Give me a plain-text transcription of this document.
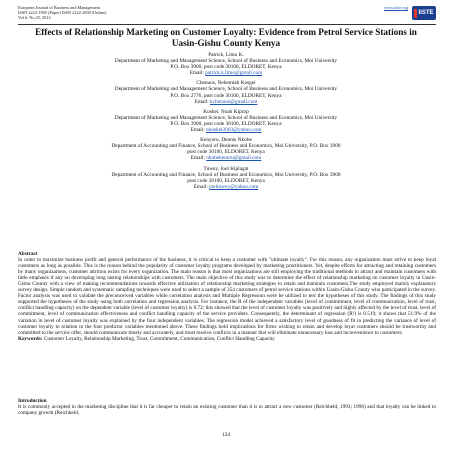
European Journal of Business and Management
ISSN 2222-1905 (Paper) ISSN 2222-2839 (Online)
Vol.6, No.25, 2014
www.iiste.org
IISTE
Effects of Relationship Marketing on Customer Loyalty: Evidence from Petrol Service Stations in Uasin-Gishu County Kenya
Patrick, Limo K.
Department of Marketing and Management Science, School of Business and Economics, Moi University
P.O. Box 3900, post code 30100, ELDORET, Kenya
Email: patrick.k.limo@gmail.com
Chenuos, Nehemiah Kosgei
Department of Marketing and Management Science, School of Business and Economics, Moi University
P.O. Box 2776, post code 30100, ELDORET, Kenya
Email: kchenuos@gmail.com
Koskei, Noah Kiprop
Department of Marketing and Management Science, School of Business and Economics, Moi University
P.O. Box 3900, post code 30100, ELDORET, Kenya
Email: nkoskei2003@yahoo.com
Kenyoru, Dennis Nkobe
Department of Accounting and Finance, School of Business and Economics, Moi University, P.O. Box 3900
post code 30100, ELDORET, Kenya
Email: nkobekenoru@gmail.com
Tuwey, Joel Kiplagat
Department of Accounting and Finance, School of Business and Economics, Moi University, P.O. Box 3900
post code 30100, ELDORET, Kenya
Email: joeltuwey@yahoo.com
Abstract
In order to maximize business profit and general performance of the business, it is critical to keep a customer with "ultimate loyalty". For this reason, any organization must strive to keep loyal customers as long as possible. This is the reason behind the popularity of customer loyalty programs developed by marketing practitioners. Yet, despite efforts for attracting and retaining customers by many organizations, customer attrition exists for every organization. The main reason is that most organizations are still employing the traditional methods to attract and maintain customers with little emphasis if any on developing long lasting relationships with customers. The main objective of this study was to determine the effect of relationship marketing on customer loyalty in Uasin-Gishu County with a view of making recommendations towards effective utilization of relationship marketing strategies to retain and maintain customers.The study employed mainly explanatory survey design. Simple random and systematic sampling techniques were used to select a sample of 354 customers of petrol service stations within Uasin-Gishu County who participated in the survey. Factor analysis was used to validate the preconceived variables while correlation analysis and Multiple Regression were be utilized to test the hypotheses of this study. The findings of this study supported the hypotheses of the study using both correlation and regression analysis. For instance, the R of the independent variables (level of commitment, level of communication, level of trust, conflict handling capacity) on the dependent variable (level of customer loyalty) is 0.72; this showed that the level of customer loyalty was positively and highly affected by the level of trust, level of commitment, level of communication effectiveness and conflict handling capacity of the service providers. Consequently, the determinant of regression (R²) is 0.519; it shows that 51.9% of the variation in level of customer loyalty was explained by the four independent variables. The regression model achieved a satisfactory level of goodness of fit in predicting the variance of level of customer loyalty in relation to the four predictor variables mentioned above. These findings hold implications for firms wishing to retain and develop loyal customers should be trustworthy and committed to the service offer, should communicate timely and accurately, and must resolve conflicts in a manner that will eliminate unnecessary loss and inconvenience to customers.
Keywords: Customer Loyalty, Relationship Marketing, Trust, Commitment, Communication, Conflict Handling Capacity
Introduction
It is commonly accepted in the marketing discipline that it is far cheaper to retain an existing customer than it is to attract a new customer (Reichheld, 1993; 1996) and that loyalty can be linked to company growth (Reichheld,
124
